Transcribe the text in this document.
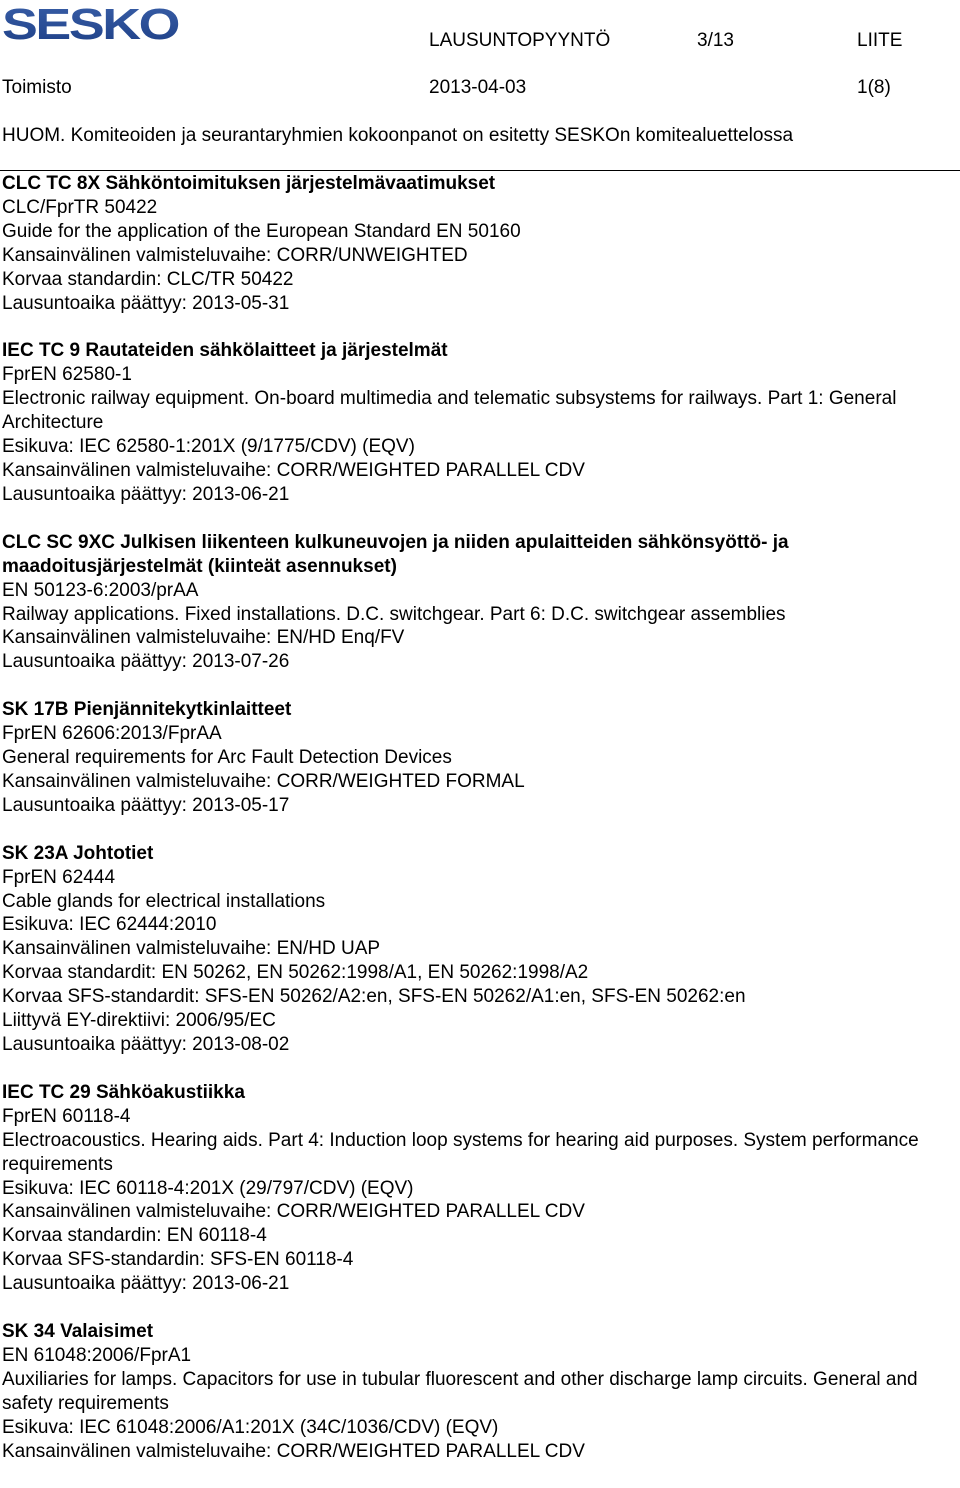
SESKO	LAUSUNTOPYYNTÖ	3/13	LIITE
Toimisto	2013-04-03	1(8)
HUOM. Komiteoiden ja seurantaryhmien kokoonpanot on esitetty SESKOn komitealuettelossa
CLC TC 8X Sähköntoimituksen järjestelmävaatimukset
CLC/FprTR 50422
Guide for the application of the European Standard EN 50160
Kansainvälinen valmisteluvaihe: CORR/UNWEIGHTED
Korvaa standardin: CLC/TR 50422
Lausuntoaika päättyy: 2013-05-31
IEC TC 9 Rautateiden sähkölaitteet ja järjestelmät
FprEN 62580-1
Electronic railway equipment. On-board multimedia and telematic subsystems for railways. Part 1: General Architecture
Esikuva: IEC 62580-1:201X (9/1775/CDV) (EQV)
Kansainvälinen valmisteluvaihe: CORR/WEIGHTED PARALLEL CDV
Lausuntoaika päättyy: 2013-06-21
CLC SC 9XC Julkisen liikenteen kulkuneuvojen ja niiden apulaitteiden sähkönsyöttö- ja maadoitusjärjestelmät (kiinteät asennukset)
EN 50123-6:2003/prAA
Railway applications. Fixed installations. D.C. switchgear. Part 6: D.C. switchgear assemblies
Kansainvälinen valmisteluvaihe: EN/HD Enq/FV
Lausuntoaika päättyy: 2013-07-26
SK 17B Pienjännitekytkinlaitteet
FprEN 62606:2013/FprAA
General requirements for Arc Fault Detection Devices
Kansainvälinen valmisteluvaihe: CORR/WEIGHTED FORMAL
Lausuntoaika päättyy: 2013-05-17
SK 23A Johtotiet
FprEN 62444
Cable glands for electrical installations
Esikuva: IEC 62444:2010
Kansainvälinen valmisteluvaihe: EN/HD UAP
Korvaa standardit: EN 50262, EN 50262:1998/A1, EN 50262:1998/A2
Korvaa SFS-standardit: SFS-EN 50262/A2:en, SFS-EN 50262/A1:en, SFS-EN 50262:en
Liittyvä EY-direktiivi: 2006/95/EC
Lausuntoaika päättyy: 2013-08-02
IEC TC 29 Sähköakustiikka
FprEN 60118-4
Electroacoustics. Hearing aids. Part 4: Induction loop systems for hearing aid purposes. System performance requirements
Esikuva: IEC 60118-4:201X (29/797/CDV) (EQV)
Kansainvälinen valmisteluvaihe: CORR/WEIGHTED PARALLEL CDV
Korvaa standardin: EN 60118-4
Korvaa SFS-standardin: SFS-EN 60118-4
Lausuntoaika päättyy: 2013-06-21
SK 34 Valaisimet
EN 61048:2006/FprA1
Auxiliaries for lamps. Capacitors for use in tubular fluorescent and other discharge lamp circuits. General and safety requirements
Esikuva: IEC 61048:2006/A1:201X (34C/1036/CDV) (EQV)
Kansainvälinen valmisteluvaihe: CORR/WEIGHTED PARALLEL CDV
